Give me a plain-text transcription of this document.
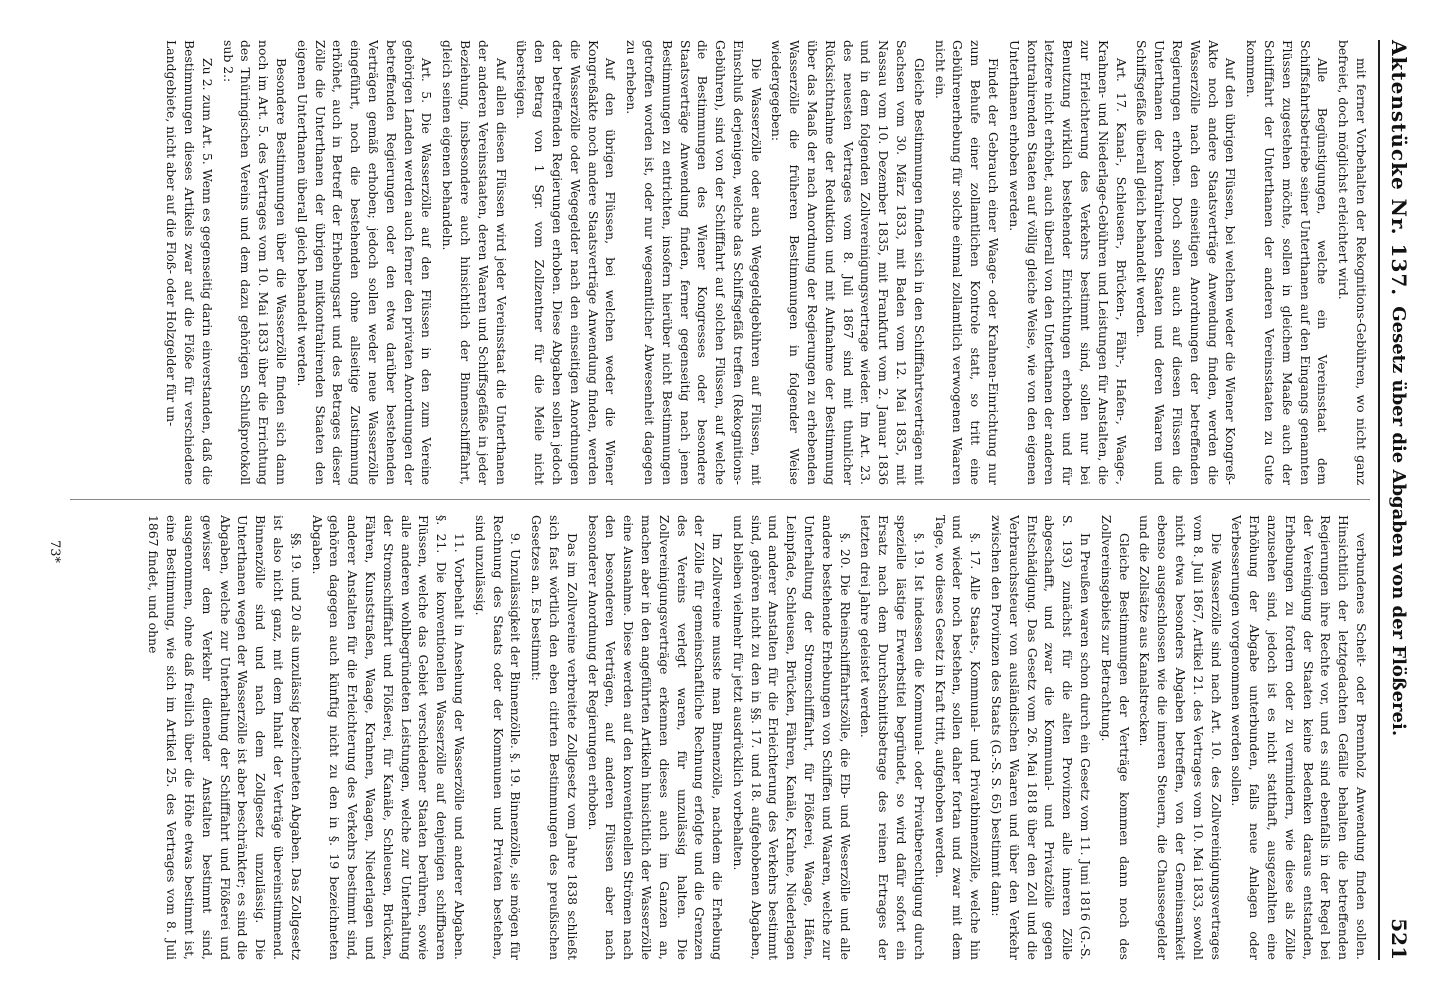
Aktenstücke Nr. 137.
Gesetz über die Abgaben von der Flößerei.
521

mit ferner Vorbehalten der Rekognitions-Gebühren, wo nicht ganz befreiet, doch möglichst erleichtert wird.

Alle Begünstigungen, welche ein Vereinsstaat dem Schiffsfahrtsbetriebe seiner Unterthanen auf den Eingangs genannten Flüssen zugestehen möchte, sollen in gleichem Maaße auch der Schifffahrt der Unterthanen der anderen Vereinsstaaten zu Gute kommen.

Auf den übrigen Flüssen, bei welchen weder die Wiener Kongreß-Akte noch andere Staatsverträge Anwendung finden, werden die Wasserzölle nach den einseitigen Anordnungen der betreffenden Regierungen erhoben. Doch sollen auch auf diesen Flüssen die Unterthanen der kontrahirenden Staaten und deren Waaren und Schiffsgefäße überall gleich behandelt werden.

Art. 17. Kanal-, Schleusen-, Brücken-, Fähr-, Hafen-, Waage-, Krahnen- und Niederlage-Gebühren und Leistungen für Anstalten, die zur Erleichterung des Verkehrs bestimmt sind, sollen nur bei Benutzung wirklich bestehender Einrichtungen erhoben und für letztere nicht erhöhet, auch überall von den Unterthanen der anderen kontrahirenden Staaten auf völlig gleiche Weise, wie von den eigenen Unterthanen erhoben werden.

Findet der Gebrauch einer Waage- oder Krahnen-Einrichtung nur zum Behufe einer zollamtlichen Kontrole statt, so tritt eine Gebührenerhebung für solche einmal zollamtlich verwogenen Waaren nicht ein.

Gleiche Bestimmungen finden sich in den Schifffahrtsverträgen mit Sachsen vom 30. März 1833, mit Baden vom 12. Mai 1835, mit Nassau vom 10. Dezember 1835, mit Frankfurt vom 2. Januar 1836 und in dem folgenden Zollvereinigungsvertrage wieder. Im Art. 23. des neuesten Vertrages vom 8. Juli 1867 sind mit thunlicher Rücksichtnahme der Reduktion und mit Aufnahme der Bestimmung über das Maaß der nach Anordnung der Regierungen zu erhebenden Wasserzölle die früheren Bestimmungen in folgender Weise wiedergegeben:

Die Wasserzölle oder auch Wegegeldgebühren auf Flüssen, mit Einschluß derjenigen, welche das Schiffsgefäß treffen (Rekognitions-Gebühren), sind von der Schifffahrt auf solchen Flüssen, auf welche die Bestimmungen des Wiener Kongresses oder besondere Staatsverträge Anwendung finden, ferner gegenseitig nach jenen Bestimmungen zu entrichten, insofern hierüber nicht Bestimmungen getroffen worden ist, oder nur wegeamtlicher Abwesenheit dagegen zu erheben.

Auf den übrigen Flüssen, bei welchen weder die Wiener Kongreßakte noch andere Staatsverträge Anwendung finden, werden die Wasserzölle oder Wegegelder nach den einseitigen Anordnungen der betreffenden Regierungen erhoben. Diese Abgaben sollen jedoch den Betrag von 1 Sgr. vom Zollzentner für die Meile nicht übersteigen.

Auf allen diesen Flüssen wird jeder Vereinsstaat die Unterthanen der anderen Vereinsstaaten, deren Waaren und Schiffsgefäße in jeder Beziehung, insbesondere auch hinsichtlich der Binnenschifffahrt, gleich seinen eigenen behandeln.

Art. 5. Die Wasserzölle auf den Flüssen in den zum Vereine gehörigen Landen werden auch ferner den privaten Anordnungen der betreffenden Regierungen oder den etwa darüber bestehenden Verträgen gemäß erhoben; jedoch sollen weder neue Wasserzölle eingeführt, noch die bestehenden ohne allseitige Zustimmung erhöhet, auch in Betreff der Erhebungsart und des Betrages dieser Zölle die Unterthanen der übrigen mitkontrahirenden Staaten den eigenen Unterthanen überall gleich behandelt werden.

Besondere Bestimmungen über die Wasserzölle finden sich dann noch im Art. 5. des Vertrages vom 10. Mai 1833 über die Errichtung des Thüringischen Vereins und dem dazu gehörigen Schlußprotokoll sub 2.:

Zu 2. zum Art. 5. Wenn es gegenseitig darin einverstanden, daß die Bestimmungen dieses Artikels zwar auf die Flöße für verschiedene Landgebiete, nicht aber auf die Floß- oder Holzgelder für un-

verbundenes Scheit- oder Brennholz Anwendung finden sollen. Hinsichtlich der letztgedachten Gefälle behalten die betreffenden Regierungen ihre Rechte vor, und es sind ebenfalls in der Regel bei der Vereinigung der Staaten keine Bedenken daraus entstanden, Erhebungen zu fordern oder zu vermindern, wie diese als Zölle anzusehen sind, jedoch ist es nicht statthaft, ausgezahlten eine Erhöhung der Abgabe unterbunden, falls neue Anlagen oder Verbesserungen vorgenommen werden sollen.

Die Wasserzölle sind nach Art. 10. des Zollvereinigungsvertrages vom 8. Juli 1867, Artikel 21. des Vertrages vom 10. Mai 1833, sowohl nicht etwa besonders Abgaben betreffen, von der Gemeinsamkeit ebenso ausgeschlossen wie die inneren Steuern, die Chausseegelder und die Zollsätze aus Kanalstrecken.

Gleiche Bestimmungen der Verträge kommen dann noch des Zollvereinsgebiets zur Betrachtung.

In Preußen waren schon durch ein Gesetz vom 11. Juni 1816 (G.-S. S. 193) zunächst für die alten Provinzen alle inneren Zölle abgeschafft, und zwar die Kommunal- und Privatzölle gegen Entschädigung. Das Gesetz vom 26. Mai 1818 über den Zoll und die Verbrauchssteuer von ausländischen Waaren und über den Verkehr zwischen den Provinzen des Staats (G.-S. S. 65) bestimmt dann:

§. 17. Alle Staats-, Kommunal- und Privatbinnenzölle, welche hin und wieder noch bestehen, sollen daher fortan und zwar mit dem Tage, wo dieses Gesetz in Kraft tritt, aufgehoben werden.

§. 19. Ist indessen die Kommunal- oder Privatberechtigung durch spezielle lästige Erwerbstitel begründet, so wird dafür sofort ein Ersatz nach dem Durchschnittsbetrage des reinen Ertrages der letzten drei Jahre geleistet werden.

§. 20. Die Rheinschifffahrtszölle, die Elb- und Weserzölle und alle andere bestehende Erhebungen von Schiffen und Waaren, welche zur Unterhaltung der Stromschifffahrt, für Flößerei, Waage, Häfen, Leinpfade, Schleusen, Brücken, Fähren, Kanäle, Krahne, Niederlagen und anderer Anstalten für die Erleichterung des Verkehrs bestimmt sind, gehören nicht zu den in §§. 17. und 18. aufgehobenen Abgaben, und bleiben vielmehr für jetzt ausdrücklich vorbehalten.

Im Zollvereine musste man Binnenzölle, nachdem die Erhebung der Zölle für gemeinschaftliche Rechnung erfolgte und die Grenzen des Vereins verlegt waren, für unzulässig halten. Die Zollvereinigungsverträge erkennen dieses auch im Ganzen an, machen aber in den angeführten Artikeln hinsichtlich der Wasserzölle eine Ausnahme. Diese werden auf den konventionellen Strömen nach den besonderen Verträgen, auf anderen Flüssen aber nach besonderer Anordnung der Regierungen erhoben.

Das im Zollvereine verbreitete Zollgesetz vom Jahre 1838 schließt sich fast wörtlich den eben citirten Bestimmungen des preußischen Gesetzes an. Es bestimmt:

9. Unzulässigkeit der Binnenzölle. §. 19. Binnenzölle, sie mögen für Rechnung des Staats oder der Kommunen und Privaten bestehen, sind unzulässig.

11. Vorbehalt in Ansehung der Wasserzölle und anderer Abgaben. §. 21. Die konventionellen Wasserzölle auf denjenigen schiffbaren Flüssen, welche das Gebiet verschiedener Staaten berühren, sowie alle anderen wohlbegründeten Leistungen, welche zur Unterhaltung der Stromschifffahrt und Flößerei, für Kanäle, Schleusen, Brücken, Fähren, Kunststraßen, Waage, Krahnen, Waagen, Niederlagen und anderer Anstalten für die Erleichterung des Verkehrs bestimmt sind, gehören dagegen auch künftig nicht zu den in §. 19 bezeichneten Abgaben.

§§. 19. und 20 als unzulässig bezeichneten Abgaben. Das Zollgesetz ist also nicht ganz, mit dem Inhalt der Verträge übereinstimmend. Binnenzölle sind und nach dem Zollgesetz unzulässig. Die Unterthanen wegen der Wasserzölle ist aber beschränkter; es sind die Abgaben, welche zur Unterhaltung der Schifffahrt und Flößerei und gewisser dem Verkehr dienender Anstalten bestimmt sind, ausgenommen, ohne daß freilich über die Höhe etwas bestimmt ist, eine Bestimmung, wie sich im Artikel 25. des Vertrages vom 8. Juli 1867 findet, und ohne

73*
